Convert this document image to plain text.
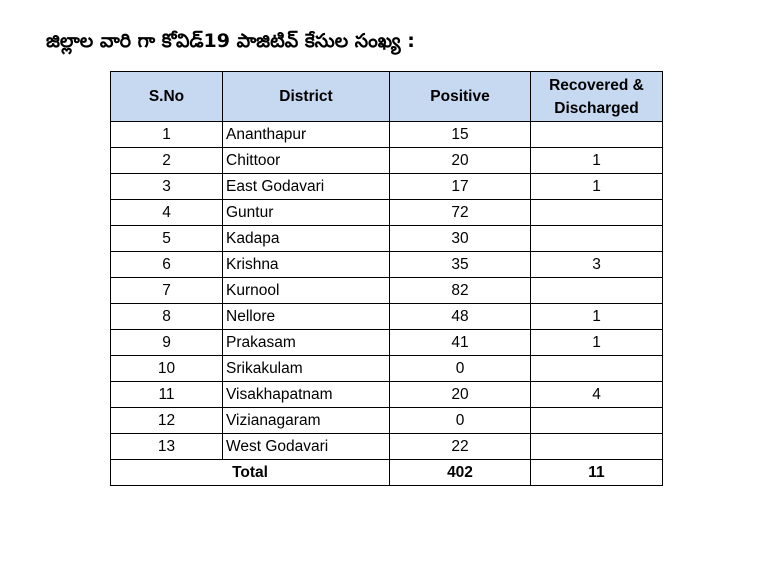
జిల్లాల వారి గా కోవిడ్19 పాజిటివ్ కేసుల సంఖ్య :
S.No	District	Positive	Recovered &
Discharged
1	Ananthapur	15	
2	Chittoor	20	1
3	East Godavari	17	1
4	Guntur	72	
5	Kadapa	30	
6	Krishna	35	3
7	Kurnool	82	
8	Nellore	48	1
9	Prakasam	41	1
10	Srikakulam	0	
11	Visakhapatnam	20	4
12	Vizianagaram	0	
13	West Godavari	22	
Total		402	11
